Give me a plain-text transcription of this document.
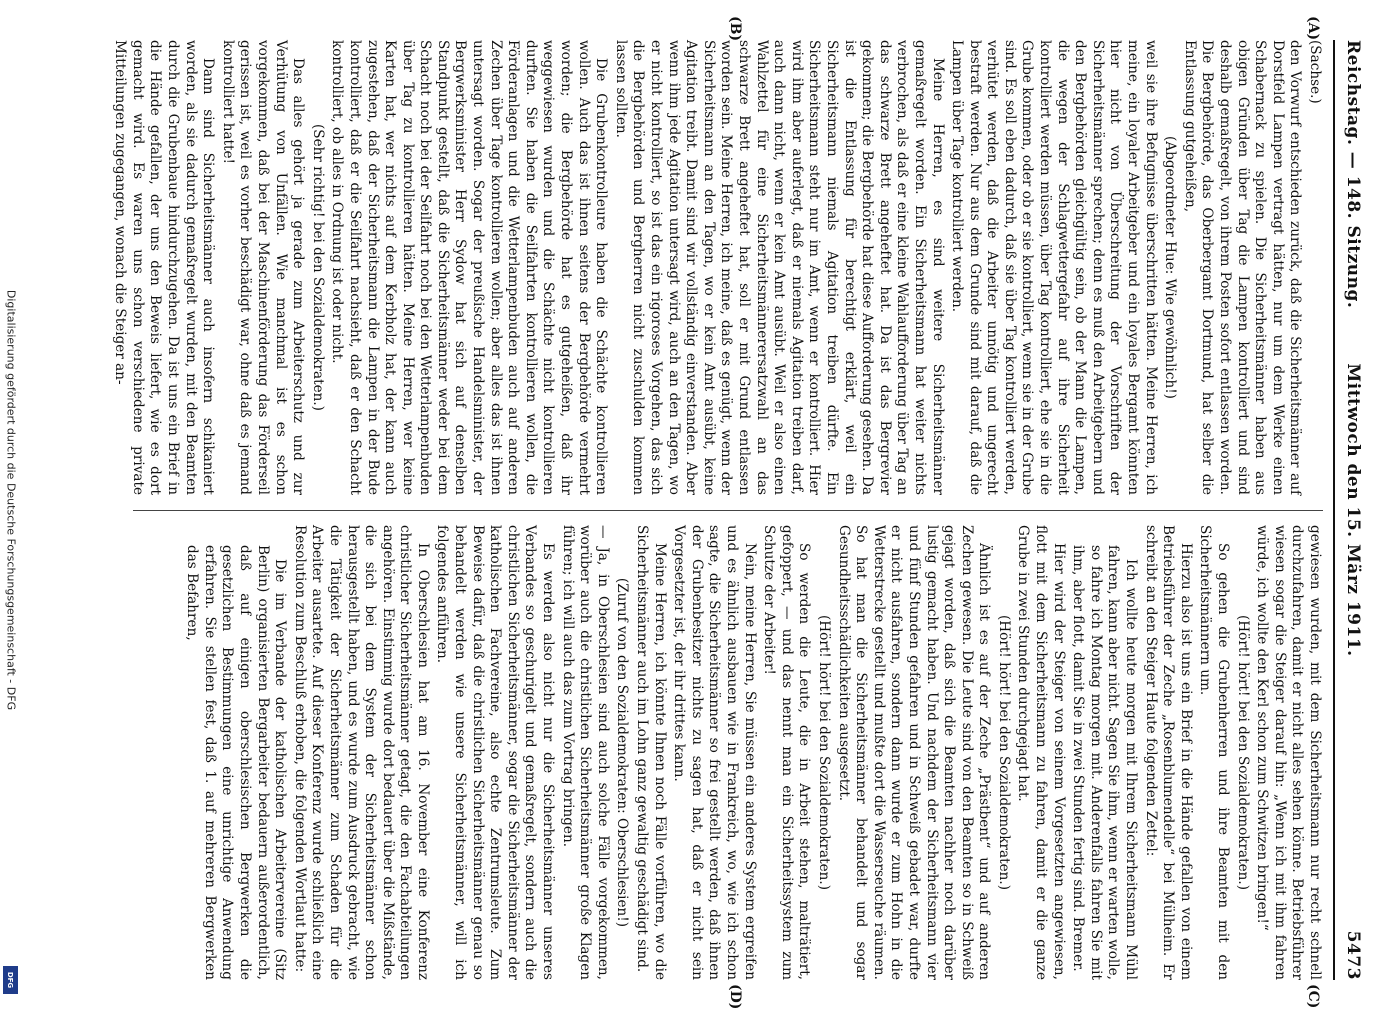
Reichstag. — 148. Sitzung.
Mittwoch den 15. März 1911.
5473
(A)
(B)
(C)
(D)

(Sachse.)

den Vorwurf entschieden zurück, daß die Sicherheitsmänner auf Dorstfeld Lampen vertragt hätten, nur um dem Werke einen Schabernack zu spielen. Die Sicherheitsmänner haben aus obigen Gründen über Tag die Lampen kontrolliert und sind deshalb gemaßregelt, von ihrem Posten sofort entlassen worden. Die Bergbehörde, das Oberbergamt Dortmund, hat selber die Entlassung gutgeheißen,

(Abgeordneter Hue: Wie gewöhnlich!)

weil sie ihre Befugnisse überschritten hätten. Meine Herren, ich meine, ein loyaler Arbeitgeber und ein loyales Bergamt könnten hier nicht von Überschreitung der Vorschriften der Sicherheitsmänner sprechen; denn es muß den Arbeitgebern und den Bergbehörden gleichgültig sein, ob der Mann die Lampen, die wegen der Schlagwettergefahr auf ihre Sicherheit kontrolliert werden müssen, über Tag kontrolliert, ehe sie in die Grube kommen, oder ob er sie kontrolliert, wenn sie in der Grube sind. Es soll eben dadurch, daß sie über Tag kontrolliert werden, verhütet werden, daß die Arbeiter unnötig und ungerecht bestraft werden. Nur aus dem Grunde sind mit darauf, daß die Lampen über Tage kontrolliert werden.

Meine Herren, es sind weitere Sicherheitsmänner gemaßregelt worden. Ein Sicherheitsmann hat weiter nichts verbrochen, als daß er eine kleine Wahlaufforderung über Tag an das schwarze Brett angeheftet hat. Da ist das Bergrevier gekommen; die Bergbehörde hat diese Aufforderung gesehen. Da ist die Entlassung für berechtigt erklärt, weil ein Sicherheitsmann niemals Agitation treiben dürfte. Ein Sicherheitsmann steht nur im Amt, wenn er kontrolliert. Hier wird ihm aber auferlegt, daß er niemals Agitation treiben darf, auch dann nicht, wenn er kein Amt ausübt. Weil er also einen Wahlzettel für eine Sicherheitsmännerersatzwahl an das schwarze Brett angeheftet hat, soll er mit Grund entlassen worden sein. Meine Herren, ich meine, daß es genügt, wenn der Sicherheitsmann an den Tagen, wo er kein Amt ausübt, keine Agitation treibt. Damit sind wir vollständig einverstanden. Aber wenn ihm jede Agitation untersagt wird, auch an den Tagen, wo er nicht kontrolliert, so ist das ein rigoroses Vorgehen, das sich die Bergbehörden und Bergherren nicht zuschulden kommen lassen sollten.

Die Grubenkontrolleure haben die Schächte kontrollieren wollen. Auch das ist ihnen seitens der Bergbehörde vermehrt worden; die Bergbehörde hat es gutgeheißen, daß ihr weggewiesen wurden und die Schächte nicht kontrollieren durften. Sie haben die Seilfahrten kontrollieren wollen, die Förderanlagen und die Wetterlampenbuden auch auf anderen Zechen über Tage kontrollieren wollen; aber alles das ist ihnen untersagt worden. Sogar der preußische Handelsminister, der Bergwerksminister Herr Sydow hat sich auf denselben Standpunkt gestellt, daß die Sicherheitsmänner weder bei dem Schacht noch bei der Seilfahrt noch bei den Wetterlampenbuden über Tag zu kontrollieren hätten. Meine Herren, wer keine Karten hat, wer nichts auf dem Kerbholz hat, der kann auch zugestehen, daß der Sicherheitsmann die Lampen in der Bude kontrolliert, daß er die Seilfahrt nachsieht, daß er den Schacht kontrolliert, ob alles in Ordnung ist oder nicht.

(Sehr richtig! bei den Sozialdemokraten.)

Das alles gehört ja gerade zum Arbeiterschutz und zur Verhütung von Unfällen. Wie manchmal ist es schon vorgekommen, daß bei der Maschinenförderung das Förderseil gerissen ist, weil es vorher beschädigt war, ohne daß es jemand kontrolliert hatte!

Dann sind Sicherheitsmänner auch insofern schikaniert worden, als sie dadurch gemaßregelt wurden, mit den Beamten durch die Grubenbaue hindurchzugehen. Da ist uns ein Brief in die Hände gefallen, der uns den Beweis liefert, wie es dort gemacht wird. Es waren uns schon verschiedene private Mitteilungen zugegangen, wonach die Steiger an-

gewiesen wurden, mit dem Sicherheitsmann nur recht schnell durchzufahren, damit er nicht alles sehen könne. Betriebsführer wiesen sogar die Steiger darauf hin: „Wenn ich mit ihm fahren würde, ich wollte den Kerl schon zum Schwitzen bringen!“

(Hört! hört! bei den Sozialdemokraten.)

So gehen die Grubenherren und ihre Beamten mit den Sicherheitsmännern um.

Hierzu also ist uns ein Brief in die Hände gefallen von einem Betriebsführer der Zeche „Rosenblumendelle“ bei Mülheim. Er schreibt an den Steiger Haute folgenden Zettel:

Ich wollte heute morgen mit Ihrem Sicherheitsmann Mühl fahren, kann aber nicht. Sagen Sie ihm, wenn er warten wolle, so fahre ich Montag morgen mit. Anderenfalls fahren Sie mit ihm, aber flott, damit Sie in zwei Stunden fertig sind. Bremer.

Hier wird der Steiger von seinem Vorgesetzten angewiesen, flott mit dem Sicherheitsmann zu fahren, damit er die ganze Grube in zwei Stunden durchgejagt hat.

(Hört! hört! bei den Sozialdemokraten.)

Ähnlich ist es auf der Zeche „Prästbent“ und auf anderen Zechen gewesen. Die Leute sind von den Beamten so in Schweiß gejagt worden, daß sich die Beamten nachher noch darüber lustig gemacht haben. Und nachdem der Sicherheitsmann vier und fünf Stunden gefahren und in Schweiß gebadet war, durfte er nicht ausfahren, sondern dann wurde er zum Hohn in die Wetterstrecke gestellt und mußte dort die Wasserseuche räumen. So hat man die Sicherheitsmänner behandelt und sogar Gesundheitsschädlichkeiten ausgesetzt.

(Hört! hört! bei den Sozialdemokraten.)

So werden die Leute, die in Arbeit stehen, malträtiert, gefoppert, — und das nennt man ein Sicherheitssystem zum Schutze der Arbeiter!

Nein, meine Herren, Sie müssen ein anderes System ergreifen und es ähnlich ausbauen wie in Frankreich, wo, wie ich schon sagte, die Sicherheitsmänner so frei gestellt werden, daß ihnen der Grubenbesitzer nichts zu sagen hat, daß er nicht sein Vorgesetzter ist, der ihr drittes kann.

Meine Herren, ich könnte Ihnen noch Fälle vorführen, wo die Sicherheitsmänner auch im Lohn ganz gewaltig geschädigt sind.

(Zuruf von den Sozialdemokraten: Oberschlesien!)

— Ja, in Oberschlesien sind auch solche Fälle vorgekommen, worüber auch die christlichen Sicherheitsmänner große Klagen führen; ich will auch das zum Vortrag bringen.

Es werden also nicht nur die Sicherheitsmänner unseres Verbandes so geschurigelt und gemaßregelt, sondern auch die christlichen Sicherheitsmänner, sogar die Sicherheitsmänner der katholischen Fachvereine, also echte Zentrumsleute. Zum Beweise dafür, daß die christlichen Sicherheitsmänner genau so behandelt werden wie unsere Sicherheitsmänner, will ich folgendes anführen.

In Oberschlesien hat am 16. November eine Konferenz christlicher Sicherheitsmänner getagt, die den Fachabteilungen angehören. Einstimmig wurde dort bedauert über die Mißstände, die sich bei dem System der Sicherheitsmänner schon herausgestellt haben, und es wurde zum Ausdruck gebracht, wie die Tätigkeit der Sicherheitsmänner zum Schaden für die Arbeiter ausartete. Auf dieser Konferenz wurde schließlich eine Resolution zum Beschluß erhoben, die folgenden Wortlaut hatte:

Die im Verbande der katholischen Arbeitervereine (Sitz Berlin) organisierten Bergarbeiter bedauern außerordentlich, daß auf einigen oberschlesischen Bergwerken die gesetzlichen Bestimmungen eine unrichtige Anwendung erfahren. Sie stellen fest, daß 1. auf mehreren Bergwerken das Befahren,

Digitalisierung gefördert durch die Deutsche Forschungsgemeinschaft - DFG
DFG
